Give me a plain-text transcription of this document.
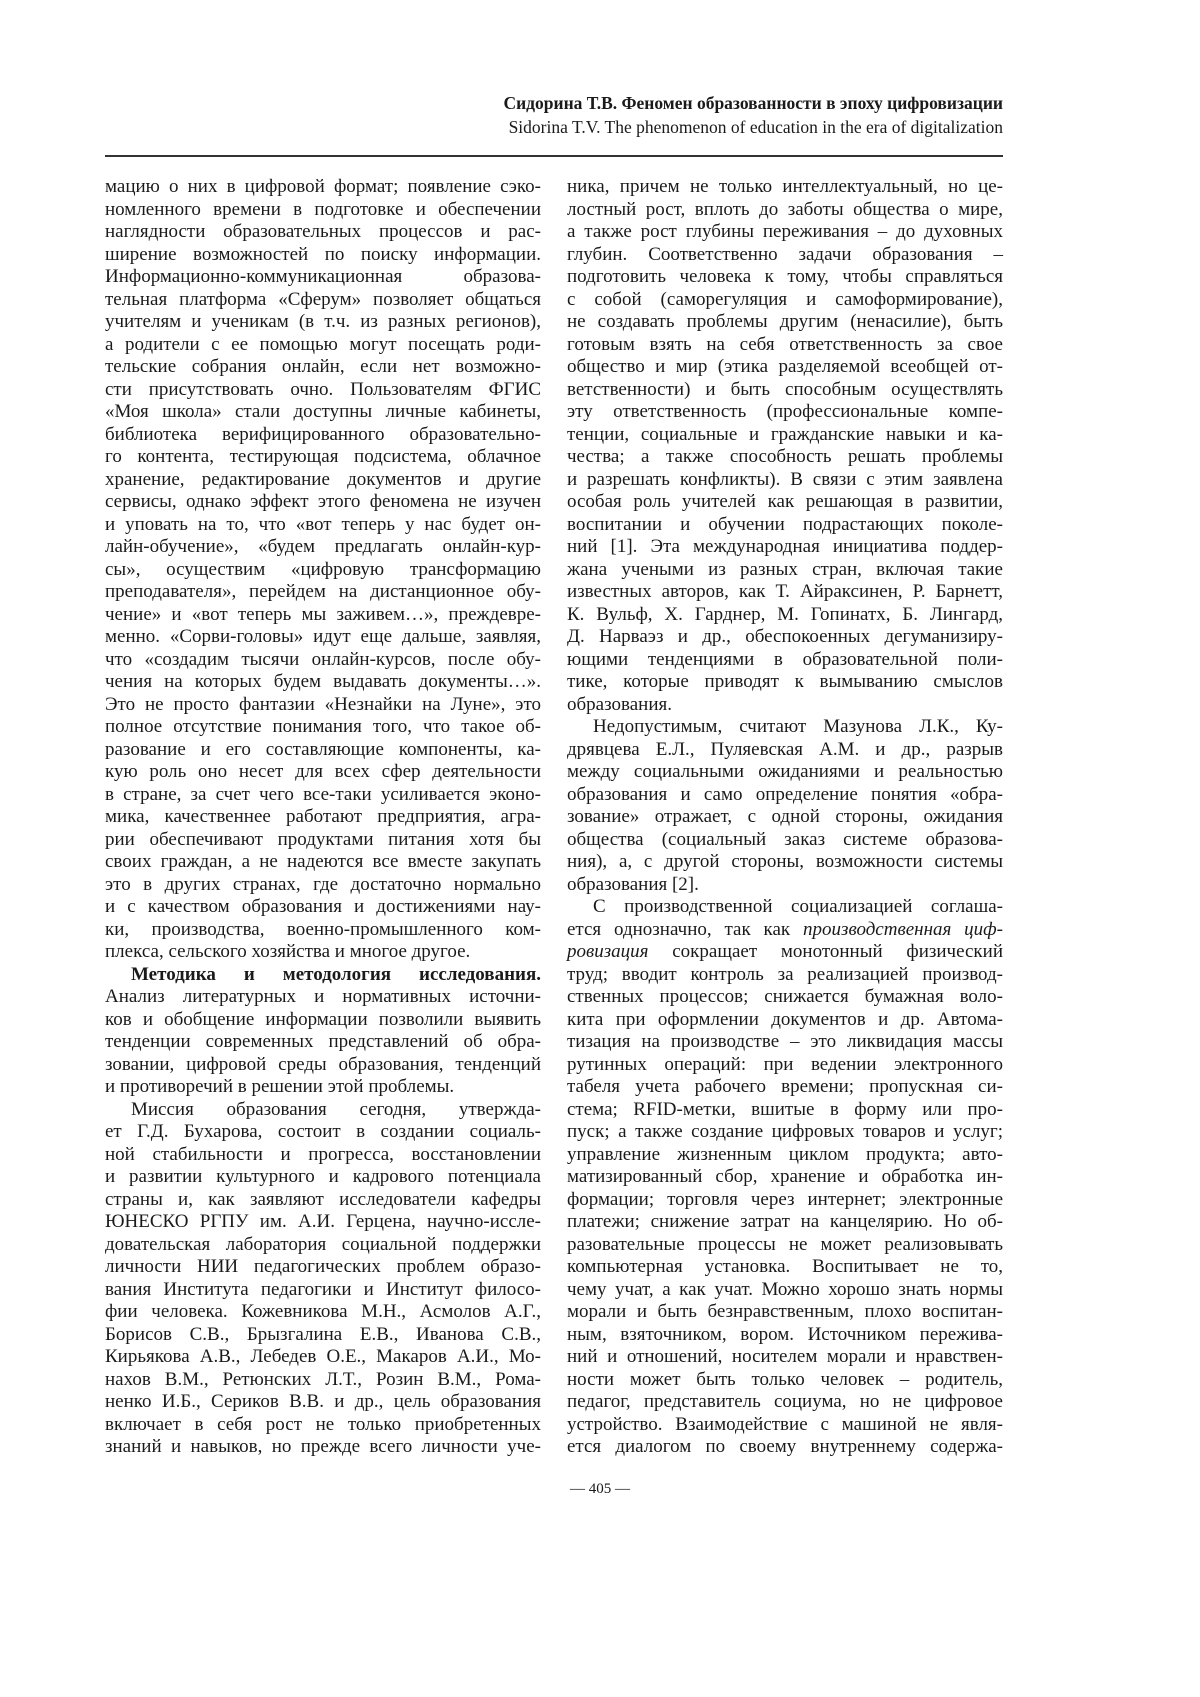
Сидорина Т.В. Феномен образованности в эпоху цифровизации
Sidorina T.V. The phenomenon of education in the era of digitalization
мацию о них в цифровой формат; появление сэко-
номленного времени в подготовке и обеспечении
наглядности образовательных процессов и рас-
ширение возможностей по поиску информации.
Информационно-коммуникационная образова-
тельная платформа «Сферум» позволяет общаться
учителям и ученикам (в т.ч. из разных регионов),
а родители с ее помощью могут посещать роди-
тельские собрания онлайн, если нет возможно-
сти присутствовать очно. Пользователям ФГИС
«Моя школа» стали доступны личные кабинеты,
библиотека верифицированного образовательно-
го контента, тестирующая подсистема, облачное
хранение, редактирование документов и другие
сервисы, однако эффект этого феномена не изучен
и уповать на то, что «вот теперь у нас будет он-
лайн-обучение», «будем предлагать онлайн-кур-
сы», осуществим «цифровую трансформацию
преподавателя», перейдем на дистанционное обу-
чение» и «вот теперь мы заживем…», преждевре-
менно. «Сорви-головы» идут еще дальше, заявляя,
что «создадим тысячи онлайн-курсов, после обу-
чения на которых будем выдавать документы…».
Это не просто фантазии «Незнайки на Луне», это
полное отсутствие понимания того, что такое об-
разование и его составляющие компоненты, ка-
кую роль оно несет для всех сфер деятельности
в стране, за счет чего все-таки усиливается эконо-
мика, качественнее работают предприятия, агра-
рии обеспечивают продуктами питания хотя бы
своих граждан, а не надеются все вместе закупать
это в других странах, где достаточно нормально
и с качеством образования и достижениями нау-
ки, производства, военно-промышленного ком-
плекса, сельского хозяйства и многое другое.
Методика и методология исследования.
Анализ литературных и нормативных источни-
ков и обобщение информации позволили выявить
тенденции современных представлений об обра-
зовании, цифровой среды образования, тенденций
и противоречий в решении этой проблемы.
Миссия образования сегодня, утвержда-
ет Г.Д. Бухарова, состоит в создании социаль-
ной стабильности и прогресса, восстановлении
и развитии культурного и кадрового потенциала
страны и, как заявляют исследователи кафедры
ЮНЕСКО РГПУ им. А.И. Герцена, научно-иссле-
довательская лаборатория социальной поддержки
личности НИИ педагогических проблем образо-
вания Института педагогики и Институт филосо-
фии человека. Кожевникова М.Н., Асмолов А.Г.,
Борисов С.В., Брызгалина Е.В., Иванова С.В.,
Кирьякова А.В., Лебедев О.Е., Макаров А.И., Мо-
нахов В.М., Ретюнских Л.Т., Розин В.М., Рома-
ненко И.Б., Сериков В.В. и др., цель образования
включает в себя рост не только приобретенных
знаний и навыков, но прежде всего личности уче-
ника, причем не только интеллектуальный, но це-
лостный рост, вплоть до заботы общества о мире,
а также рост глубины переживания – до духовных
глубин. Соответственно задачи образования –
подготовить человека к тому, чтобы справляться
с собой (саморегуляция и самоформирование),
не создавать проблемы другим (ненасилие), быть
готовым взять на себя ответственность за свое
общество и мир (этика разделяемой всеобщей от-
ветственности) и быть способным осуществлять
эту ответственность (профессиональные компе-
тенции, социальные и гражданские навыки и ка-
чества; а также способность решать проблемы
и разрешать конфликты). В связи с этим заявлена
особая роль учителей как решающая в развитии,
воспитании и обучении подрастающих поколе-
ний [1]. Эта международная инициатива поддер-
жана учеными из разных стран, включая такие
известных авторов, как Т. Айраксинен, Р. Барнетт,
К. Вульф, Х. Гарднер, М. Гопинатх, Б. Лингард,
Д. Нарваэз и др., обеспокоенных дегуманизиру-
ющими тенденциями в образовательной поли-
тике, которые приводят к вымыванию смыслов
образования.
Недопустимым, считают Мазунова Л.К., Ку-
дрявцева Е.Л., Пуляевская А.М. и др., разрыв
между социальными ожиданиями и реальностью
образования и само определение понятия «обра-
зование» отражает, с одной стороны, ожидания
общества (социальный заказ системе образова-
ния), а, с другой стороны, возможности системы
образования [2].
С производственной социализацией соглаша-
ется однозначно, так как производственная циф-
ровизация сокращает монотонный физический
труд; вводит контроль за реализацией производ-
ственных процессов; снижается бумажная воло-
кита при оформлении документов и др. Автома-
тизация на производстве – это ликвидация массы
рутинных операций: при ведении электронного
табеля учета рабочего времени; пропускная си-
стема; RFID-метки, вшитые в форму или про-
пуск; а также создание цифровых товаров и услуг;
управление жизненным циклом продукта; авто-
матизированный сбор, хранение и обработка ин-
формации; торговля через интернет; электронные
платежи; снижение затрат на канцелярию. Но об-
разовательные процессы не может реализовывать
компьютерная установка. Воспитывает не то,
чему учат, а как учат. Можно хорошо знать нормы
морали и быть безнравственным, плохо воспитан-
ным, взяточником, вором. Источником пережива-
ний и отношений, носителем морали и нравствен-
ности может быть только человек – родитель,
педагог, представитель социума, но не цифровое
устройство. Взаимодействие с машиной не явля-
ется диалогом по своему внутреннему содержа-
— 405 —
